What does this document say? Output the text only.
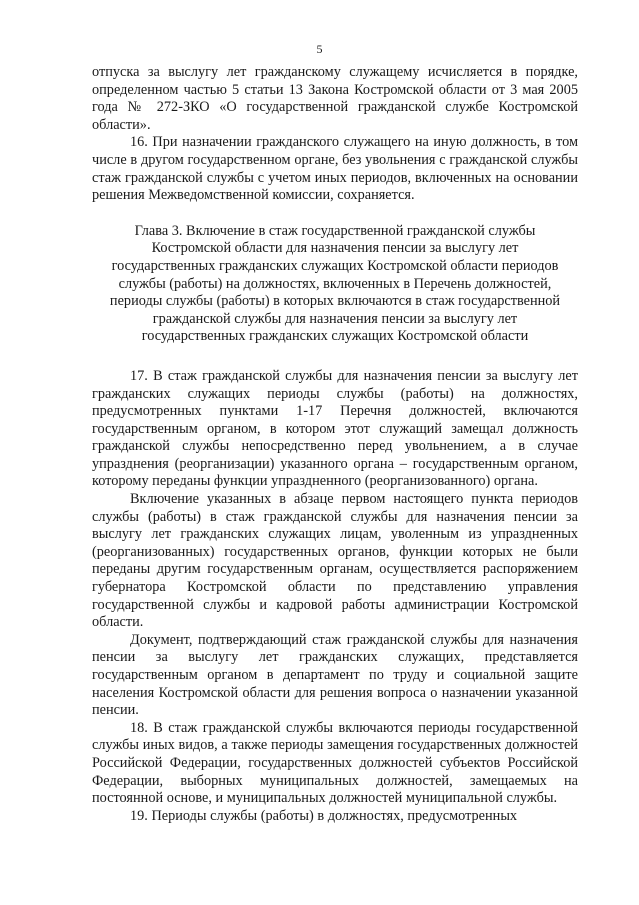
5

отпуска за выслугу лет гражданскому служащему исчисляется в порядке, определенном частью 5 статьи 13 Закона Костромской области от 3 мая 2005 года № 272-ЗКО «О государственной гражданской службе Костромской области».

16. При назначении гражданского служащего на иную должность, в том числе в другом государственном органе, без увольнения с гражданской службы стаж гражданской службы с учетом иных периодов, включенных на основании решения Межведомственной комиссии, сохраняется.

Глава 3. Включение в стаж государственной гражданской службы
Костромской области для назначения пенсии за выслугу лет
государственных гражданских служащих Костромской области периодов
службы (работы) на должностях, включенных в Перечень должностей,
периоды службы (работы) в которых включаются в стаж государственной
гражданской службы для назначения пенсии за выслугу лет
государственных гражданских служащих Костромской области

17. В стаж гражданской службы для назначения пенсии за выслугу лет гражданских служащих периоды службы (работы) на должностях, предусмотренных пунктами 1-17 Перечня должностей, включаются государственным органом, в котором этот служащий замещал должность гражданской службы непосредственно перед увольнением, а в случае упразднения (реорганизации) указанного органа – государственным органом, которому переданы функции упраздненного (реорганизованного) органа.

Включение указанных в абзаце первом настоящего пункта периодов службы (работы) в стаж гражданской службы для назначения пенсии за выслугу лет гражданских служащих лицам, уволенным из упраздненных (реорганизованных) государственных органов, функции которых не были переданы другим государственным органам, осуществляется распоряжением губернатора Костромской области по представлению управления государственной службы и кадровой работы администрации Костромской области.

Документ, подтверждающий стаж гражданской службы для назначения пенсии за выслугу лет гражданских служащих, представляется государственным органом в департамент по труду и социальной защите населения Костромской области для решения вопроса о назначении указанной пенсии.

18. В стаж гражданской службы включаются периоды государственной службы иных видов, а также периоды замещения государственных должностей Российской Федерации, государственных должностей субъектов Российской Федерации, выборных муниципальных должностей, замещаемых на постоянной основе, и муниципальных должностей муниципальной службы.

19. Периоды службы (работы) в должностях, предусмотренных
